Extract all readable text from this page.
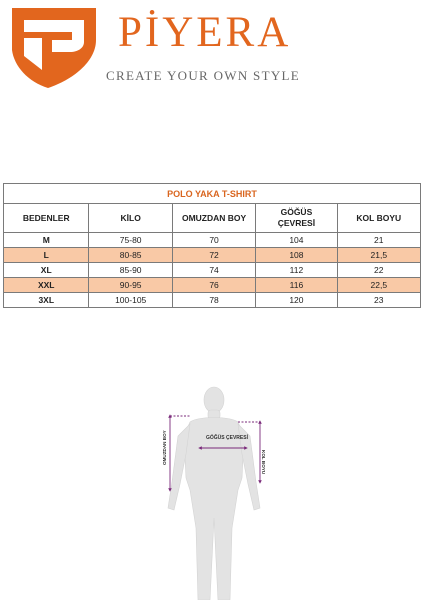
PİYERA
CREATE YOUR OWN STYLE
POLO YAKA T-SHIRT				
BEDENLER	KİLO	OMUZDAN BOY	GÖĞÜS ÇEVRESİ	KOL BOYU
M	75-80	70	104	21
L	80-85	72	108	21,5
XL	85-90	74	112	22
XXL	90-95	76	116	22,5
3XL	100-105	78	120	23
OMUZDAN BOY	GÖĞÜS ÇEVRESİ
KOL BOYU
